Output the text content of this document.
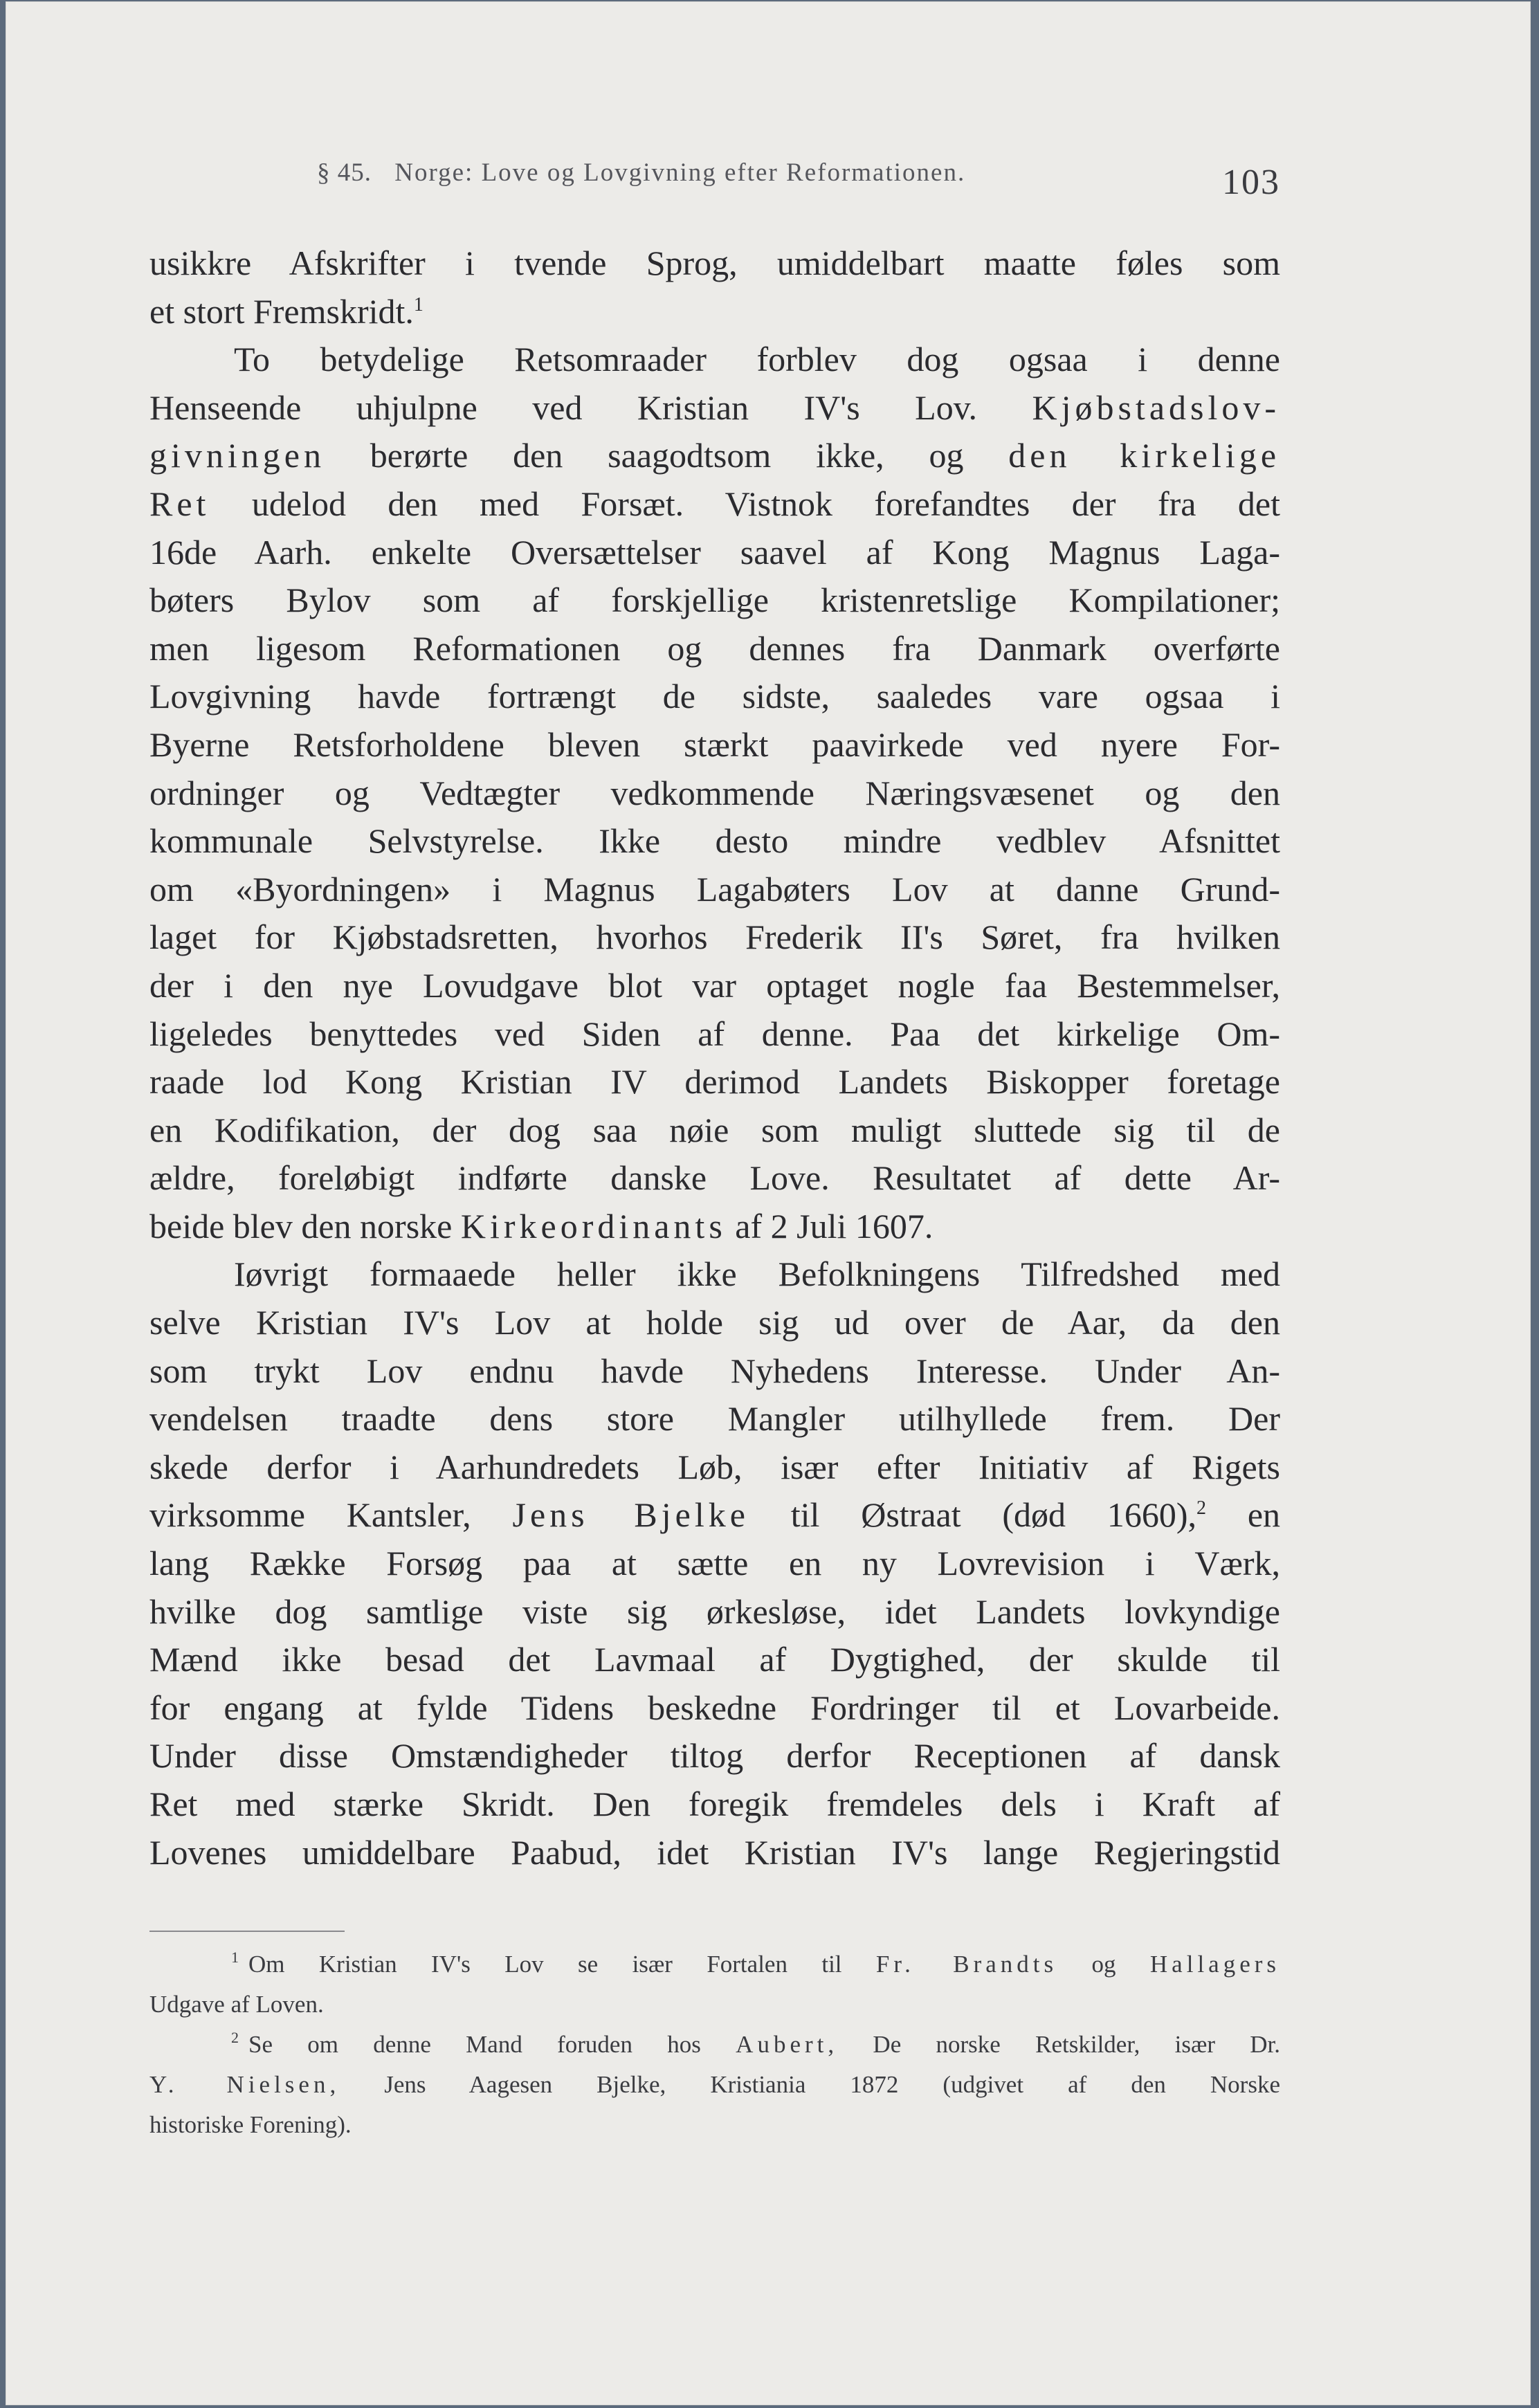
§ 45. Norge: Love og Lovgivning efter Reformationen.	103
usikkre Afskrifter i tvende Sprog, umiddelbart maatte føles som
et stort Fremskridt.$^1$
To betydelige Retsomraader forblev dog ogsaa i denne
Henseende uhjulpne ved Kristian IV's Lov. Kjøbstadslov-
givningen berørte den saagodtsom ikke, og den kirkelige
Ret udelod den med Forsæt. Vistnok forefandtes der fra det
16de Aarh. enkelte Oversættelser saavel af Kong Magnus Laga-
bøters Bylov som af forskjellige kristenretslige Kompilationer;
men ligesom Reformationen og dennes fra Danmark overførte
Lovgivning havde fortrængt de sidste, saaledes vare ogsaa i
Byerne Retsforholdene bleven stærkt paavirkede ved nyere For-
ordninger og Vedtægter vedkommende Næringsvæsenet og den
kommunale Selvstyrelse. Ikke desto mindre vedblev Afsnittet
om «Byordningen» i Magnus Lagabøters Lov at danne Grund-
laget for Kjøbstadsretten, hvorhos Frederik II's Søret, fra hvilken
der i den nye Lovudgave blot var optaget nogle faa Bestemmelser,
ligeledes benyttedes ved Siden af denne. Paa det kirkelige Om-
raade lod Kong Kristian IV derimod Landets Biskopper foretage
en Kodifikation, der dog saa nøie som muligt sluttede sig til de
ældre, foreløbigt indførte danske Love. Resultatet af dette Ar-
beide blev den norske Kirkeordinants af 2 Juli 1607.
Iøvrigt formaaede heller ikke Befolkningens Tilfredshed med
selve Kristian IV's Lov at holde sig ud over de Aar, da den
som trykt Lov endnu havde Nyhedens Interesse. Under An-
vendelsen traadte dens store Mangler utilhyllede frem. Der
skede derfor i Aarhundredets Løb, især efter Initiativ af Rigets
virksomme Kantsler, Jens Bjelke til Østraat (død 1660),$^2$ en
lang Række Forsøg paa at sætte en ny Lovrevision i Værk,
hvilke dog samtlige viste sig ørkesløse, idet Landets lovkyndige
Mænd ikke besad det Lavmaal af Dygtighed, der skulde til
for engang at fylde Tidens beskedne Fordringer til et Lovarbeide.
Under disse Omstændigheder tiltog derfor Receptionen af dansk
Ret med stærke Skridt. Den foregik fremdeles dels i Kraft af
Lovenes umiddelbare Paabud, idet Kristian IV's lange Regjeringstid
$^1$ Om Kristian IV's Lov se især Fortalen til Fr. Brandts og Hallagers
Udgave af Loven.
$^2$ Se om denne Mand foruden hos Aubert, De norske Retskilder, især Dr.
Y. Nielsen, Jens Aagesen Bjelke, Kristiania 1872 (udgivet af den Norske
historiske Forening).
